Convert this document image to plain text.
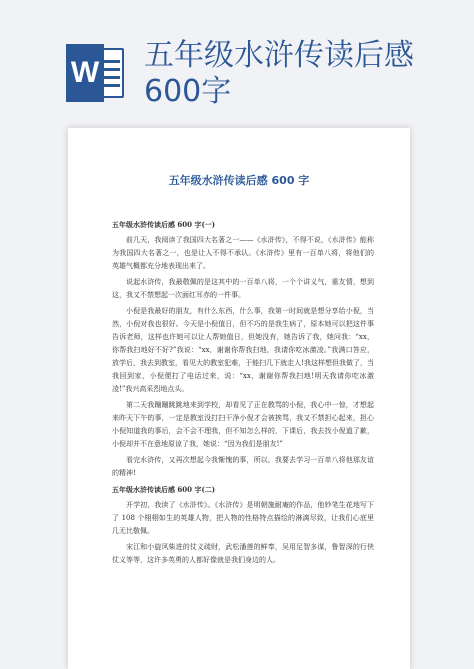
W 五年级水浒传读后感600字
五年级水浒传读后感 600 字
五年级水浒传读后感 600 字(一)

前几天，我阅读了我国四大名著之一——《水浒传》，不得不说，《水浒传》能称为我国四大名著之一，也是让人不得不承认。《水浒传》里有一百单八将，将他们的英雄气概都充分地表现出来了。

说起水浒传，我最敬佩的是这其中的一百单八将，一个个讲义气，重友情，想到这，我又不禁想起一次面红耳赤的一件事。

小倪是我最好的朋友，有什么东西，什么事，我第一时间就是想分享给小倪，当然，小倪对我也很好。今天是小倪值日，但不巧的是我生病了，原本她可以把这件事告诉老师，这样也许她可以让人帮她值日，但她没有，她告诉了我，她问我：“xx，你帮我扫地好不好?”我说：“xx，谢谢你帮我扫地，我请你吃冰激凌。”我满口答应，放学后，我去到教室，看见大的教室犯难，于能扫几下就走人!我这样想但我做了，当我回到家，小倪便打了电话过来，说：“xx，谢谢你帮我扫地!明天我请你吃冰激凌!”我兴高采烈地点头。

第二天我蹦蹦跳跳地来到学校，却看见了正在教骂的小倪，我心中一惊，才想起来昨天下午的事，一定是教室没打扫干净小倪才会被挨骂，我又不禁担心起来，担心小倪知道我的事后，会不会不理我，但不知怎么样的，下课后，我去找小倪道了歉，小倪却并不在意地原谅了我，她说：“因为我们是朋友!”

看完水浒传，又再次想起今我惭愧的事，所以，我要去学习一百单八将他那友谊的精神!

五年级水浒传读后感 600 字(二)

开学初，我读了《水浒传》。《水浒传》是明朝施耐庵的作品，他妙笔生花地写下了 108 个栩栩如生的英雄人物，把人物的性格特点描绘的淋漓尽致，让我们心底里几无比敬佩。

宋江和小旋风柴进的仗义疏财，武松潘莲的鲜奉，吴用足智多谋，鲁智深的行侠仗义等等，这许多英勇的人都好像就是我们身边的人。
